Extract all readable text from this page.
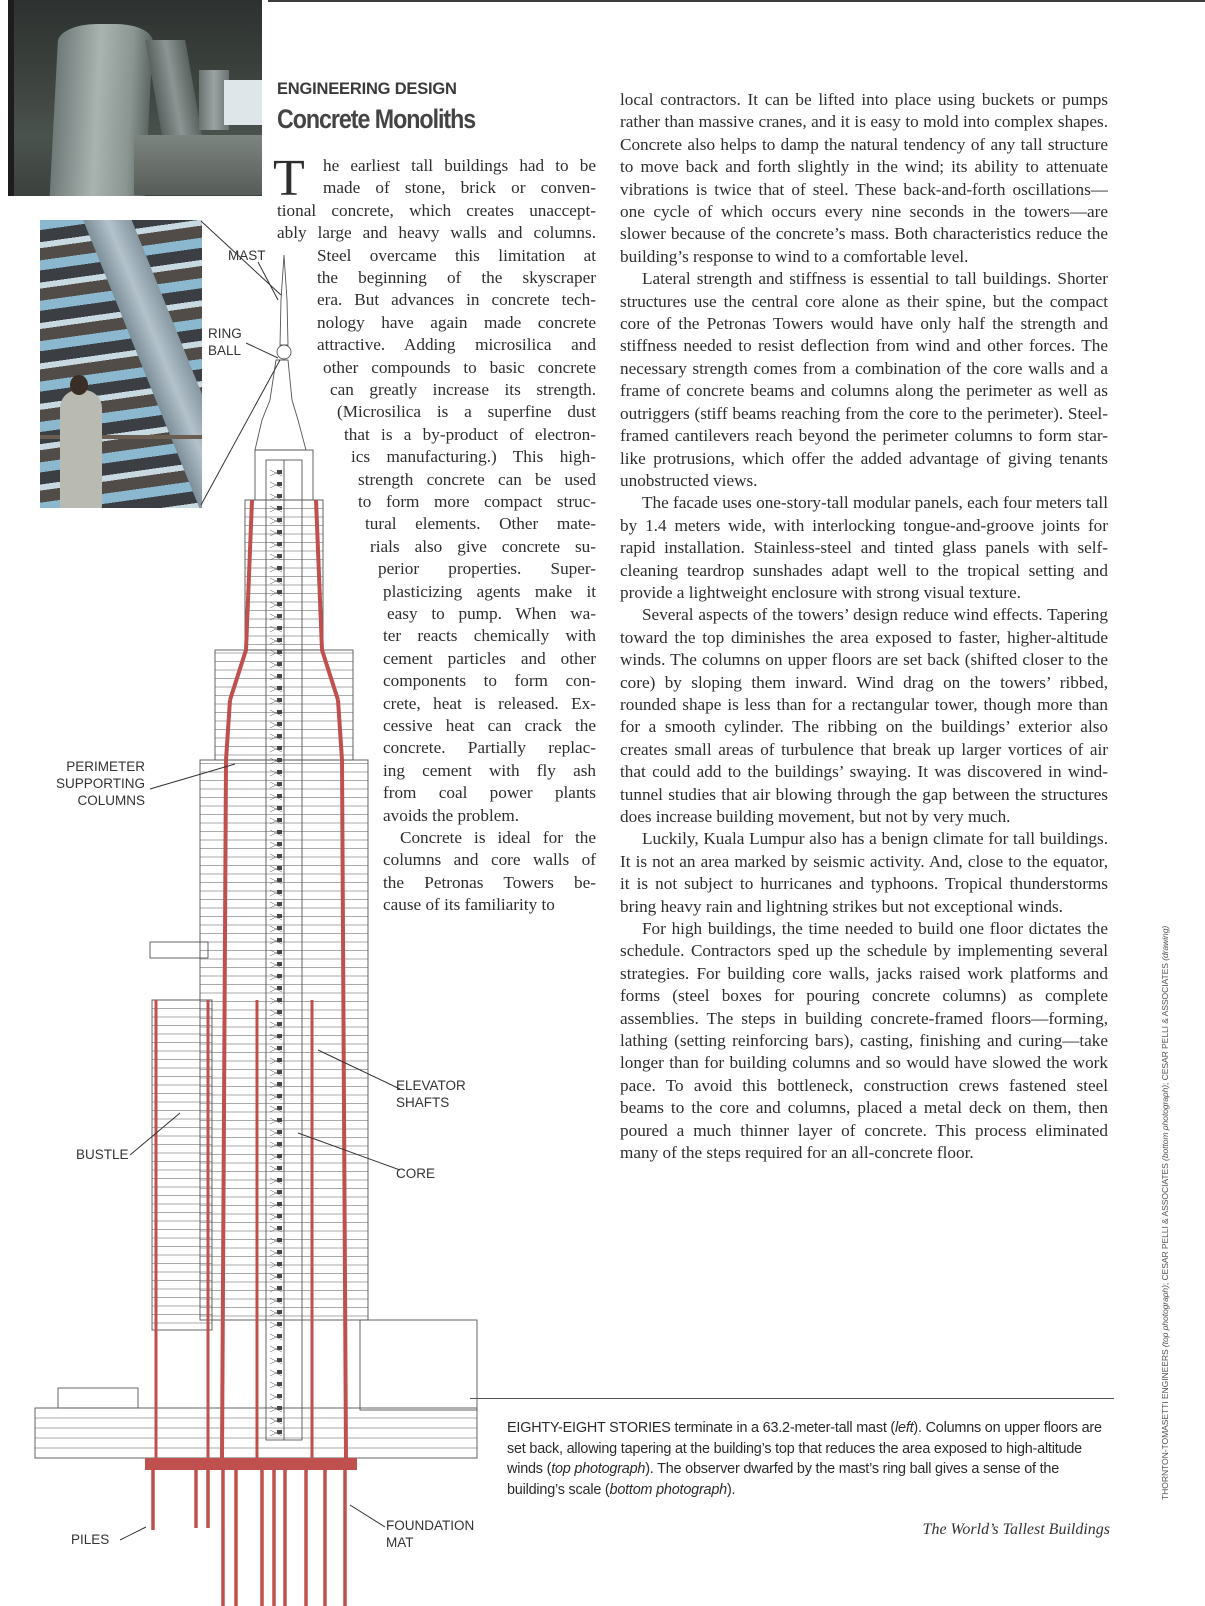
MAST
RING
BALL
PERIMETER
SUPPORTING
COLUMNS
ELEVATOR
SHAFTS
BUSTLE
CORE
FOUNDATION
MAT
PILES
ENGINEERING DESIGN
Concrete Monoliths
T he earliest tall buildings had to be
made of stone, brick or conven-
tional concrete, which creates unaccept-
ably large and heavy walls and columns.
Steel overcame this limitation at
the beginning of the skyscraper
era. But advances in concrete tech-
nology have again made concrete
attractive. Adding microsilica and
other compounds to basic concrete
can greatly increase its strength.
(Microsilica is a superfine dust
that is a by-product of electron-
ics manufacturing.) This high-
strength concrete can be used
to form more compact struc-
tural elements. Other mate-
rials also give concrete su-
perior properties. Super-
plasticizing agents make it
easy to pump. When wa-
ter reacts chemically with
cement particles and other
components to form con-
crete, heat is released. Ex-
cessive heat can crack the
concrete. Partially replac-
ing cement with fly ash
from coal power plants
avoids the problem.
Concrete is ideal for the
columns and core walls of
the Petronas Towers be-
cause of its familiarity to

local contractors. It can be lifted into place using buckets or pumps rather than massive cranes, and it is easy to mold into complex shapes. Concrete also helps to damp the natural tendency of any tall structure to move back and forth slightly in the wind; its ability to attenuate vibrations is twice that of steel. These back-and-forth oscillations—one cycle of which occurs every nine seconds in the towers—are slower because of the concrete’s mass. Both characteristics reduce the building’s response to wind to a comfortable level.

Lateral strength and stiffness is essential to tall buildings. Shorter structures use the central core alone as their spine, but the compact core of the Petronas Towers would have only half the strength and stiffness needed to resist deflection from wind and other forces. The necessary strength comes from a combination of the core walls and a frame of concrete beams and columns along the perimeter as well as outriggers (stiff beams reaching from the core to the perimeter). Steel-framed cantilevers reach beyond the perimeter columns to form star-like protrusions, which offer the added advantage of giving tenants unobstructed views.

The facade uses one-story-tall modular panels, each four meters tall by 1.4 meters wide, with interlocking tongue-and-groove joints for rapid installation. Stainless-steel and tinted glass panels with self-cleaning teardrop sunshades adapt well to the tropical setting and provide a lightweight enclosure with strong visual texture.

Several aspects of the towers’ design reduce wind effects. Tapering toward the top diminishes the area exposed to faster, higher-altitude winds. The columns on upper floors are set back (shifted closer to the core) by sloping them inward. Wind drag on the towers’ ribbed, rounded shape is less than for a rectangular tower, though more than for a smooth cylinder. The ribbing on the buildings’ exterior also creates small areas of turbulence that break up larger vortices of air that could add to the buildings’ swaying. It was discovered in wind-tunnel studies that air blowing through the gap between the structures does increase building movement, but not by very much.

Luckily, Kuala Lumpur also has a benign climate for tall buildings. It is not an area marked by seismic activity. And, close to the equator, it is not subject to hurricanes and typhoons. Tropical thunderstorms bring heavy rain and lightning strikes but not exceptional winds.

For high buildings, the time needed to build one floor dictates the schedule. Contractors sped up the schedule by implementing several strategies. For building core walls, jacks raised work platforms and forms (steel boxes for pouring concrete columns) as complete assemblies. The steps in building concrete-framed floors—forming, lathing (setting reinforcing bars), casting, finishing and curing—take longer than for building columns and so would have slowed the work pace. To avoid this bottleneck, construction crews fastened steel beams to the core and columns, placed a metal deck on them, then poured a much thinner layer of concrete. This process eliminated many of the steps required for an all-concrete floor.

EIGHTY-EIGHT STORIES terminate in a 63.2-meter-tall mast (left). Columns on upper floors are set back, allowing tapering at the building’s top that reduces the area exposed to high-altitude winds (top photograph). The observer dwarfed by the mast’s ring ball gives a sense of the building’s scale (bottom photograph).
The World’s Tallest Buildings
THORNTON-TOMASETTI ENGINEERS (top photograph); CESAR PELLI & ASSOCIATES (bottom photograph); CESAR PELLI & ASSOCIATES (drawing)
